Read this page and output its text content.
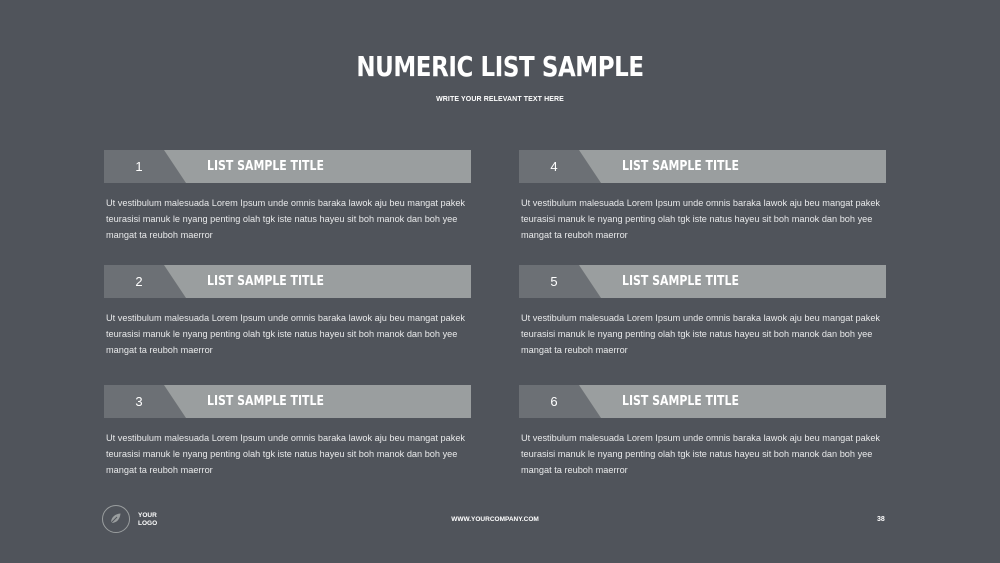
NUMERIC LIST SAMPLE
WRITE YOUR RELEVANT TEXT HERE
1	LIST SAMPLE TITLE
Ut vestibulum malesuada Lorem Ipsum unde omnis baraka lawok aju beu mangat pakek teurasisi manuk le nyang penting olah tgk iste natus hayeu sit boh manok dan boh yee mangat ta reuboh maerror
2	LIST SAMPLE TITLE
Ut vestibulum malesuada Lorem Ipsum unde omnis baraka lawok aju beu mangat pakek teurasisi manuk le nyang penting olah tgk iste natus hayeu sit boh manok dan boh yee mangat ta reuboh maerror
3	LIST SAMPLE TITLE
Ut vestibulum malesuada Lorem Ipsum unde omnis baraka lawok aju beu mangat pakek teurasisi manuk le nyang penting olah tgk iste natus hayeu sit boh manok dan boh yee mangat ta reuboh maerror
4	LIST SAMPLE TITLE
Ut vestibulum malesuada Lorem Ipsum unde omnis baraka lawok aju beu mangat pakek teurasisi manuk le nyang penting olah tgk iste natus hayeu sit boh manok dan boh yee mangat ta reuboh maerror
5	LIST SAMPLE TITLE
Ut vestibulum malesuada Lorem Ipsum unde omnis baraka lawok aju beu mangat pakek teurasisi manuk le nyang penting olah tgk iste natus hayeu sit boh manok dan boh yee mangat ta reuboh maerror
6	LIST SAMPLE TITLE
Ut vestibulum malesuada Lorem Ipsum unde omnis baraka lawok aju beu mangat pakek teurasisi manuk le nyang penting olah tgk iste natus hayeu sit boh manok dan boh yee mangat ta reuboh maerror
YOUR
LOGO
WWW.YOURCOMPANY.COM	38
